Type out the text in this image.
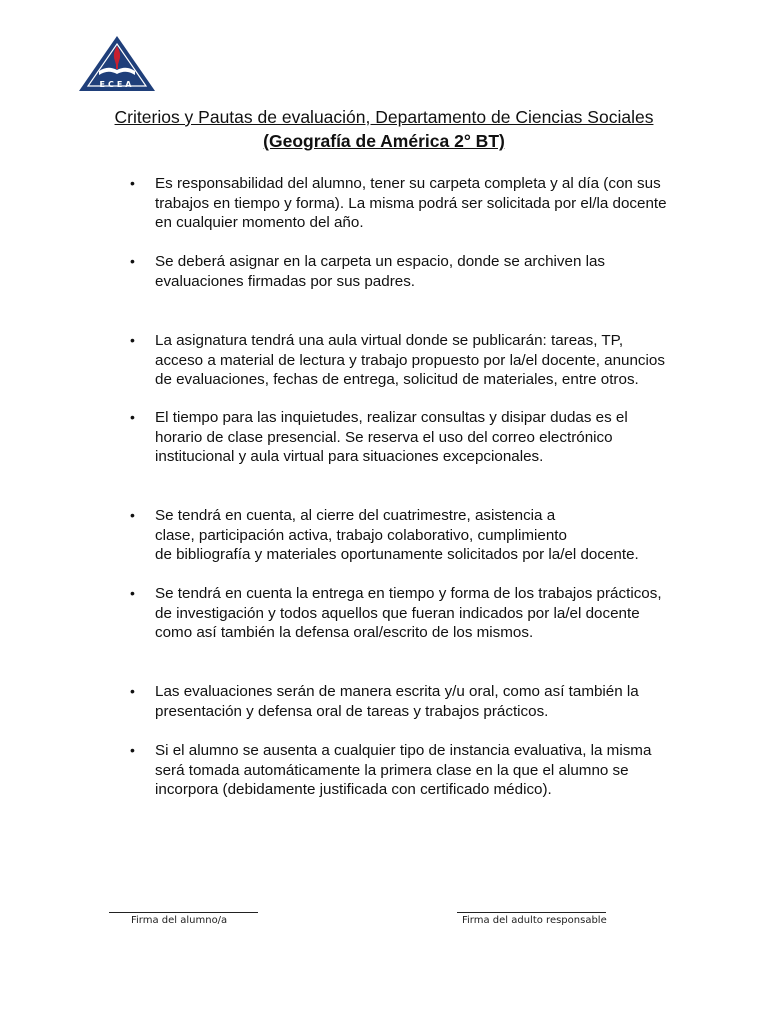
ECEA
Criterios y Pautas de evaluación, Departamento de Ciencias Sociales
(Geografía de América 2° BT)
• Es responsabilidad del alumno, tener su carpeta completa y al día (con sus
trabajos en tiempo y forma). La misma podrá ser solicitada por el/la docente
en cualquier momento del año.
• Se deberá asignar en la carpeta un espacio, donde se archiven las
evaluaciones firmadas por sus padres.
• La asignatura tendrá una aula virtual donde se publicarán: tareas, TP,
acceso a material de lectura y trabajo propuesto por la/el docente, anuncios
de evaluaciones, fechas de entrega, solicitud de materiales, entre otros.
• El tiempo para las inquietudes, realizar consultas y disipar dudas es el
horario de clase presencial. Se reserva el uso del correo electrónico
institucional y aula virtual para situaciones excepcionales.
• Se tendrá en cuenta, al cierre del cuatrimestre, asistencia a
clase, participación activa, trabajo colaborativo, cumplimiento
de bibliografía y materiales oportunamente solicitados por la/el docente.
• Se tendrá en cuenta la entrega en tiempo y forma de los trabajos prácticos,
de investigación y todos aquellos que fueran indicados por la/el docente
como así también la defensa oral/escrito de los mismos.
• Las evaluaciones serán de manera escrita y/u oral, como así también la
presentación y defensa oral de tareas y trabajos prácticos.
• Si el alumno se ausenta a cualquier tipo de instancia evaluativa, la misma
será tomada automáticamente la primera clase en la que el alumno se
incorpora (debidamente justificada con certificado médico).
Firma del alumno/a	Firma del adulto responsable
